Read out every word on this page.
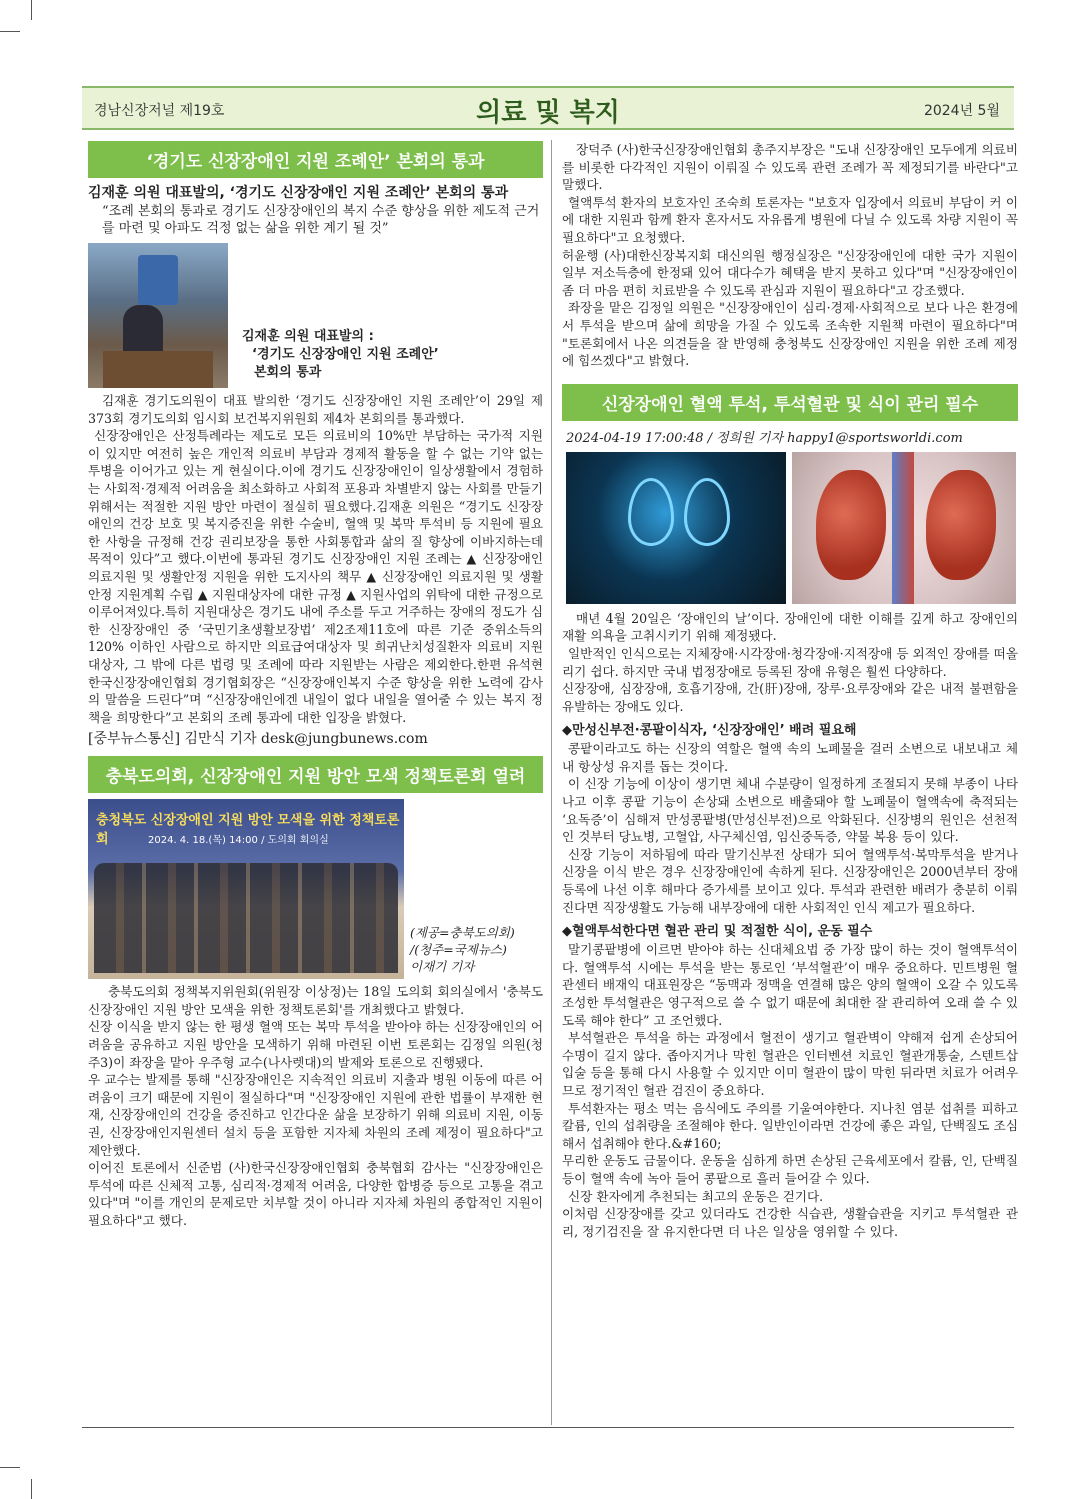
경남신장저널 제19호	의료 및 복지	2024년 5월
‘경기도 신장장애인 지원 조례안’ 본회의 통과
김재훈 의원 대표발의, ‘경기도 신장장애인 지원 조례안’ 본회의 통과
“조례 본회의 통과로 경기도 신장장애인의 복지 수준 향상을 위한 제도적 근거를 마련 및 아파도 걱정 없는 삶을 위한 계기 될 것”
김재훈 의원 대표발의 :
‘경기도 신장장애인 지원 조례안’
본회의 통과

김재훈 경기도의원이 대표 발의한 ‘경기도 신장장애인 지원 조례안’이 29일 제373회 경기도의회 임시회 보건복지위원회 제4차 본회의를 통과했다.

신장장애인은 산정특례라는 제도로 모든 의료비의 10%만 부담하는 국가적 지원이 있지만 여전히 높은 개인적 의료비 부담과 경제적 활동을 할 수 없는 기약 없는 투병을 이어가고 있는 게 현실이다.이에 경기도 신장장애인이 일상생활에서 경험하는 사회적·경제적 어려움을 최소화하고 사회적 포용과 차별받지 않는 사회를 만들기 위해서는 적절한 지원 방안 마련이 절실히 필요했다.김재훈 의원은 “경기도 신장장애인의 건강 보호 및 복지증진을 위한 수술비, 혈액 및 복막 투석비 등 지원에 필요한 사항을 규정해 건강 권리보장을 통한 사회통합과 삶의 질 향상에 이바지하는데 목적이 있다”고 했다.이번에 통과된 경기도 신장장애인 지원 조례는 ▲ 신장장애인 의료지원 및 생활안정 지원을 위한 도지사의 책무 ▲ 신장장애인 의료지원 및 생활안정 지원계획 수립 ▲ 지원대상자에 대한 규정 ▲ 지원사업의 위탁에 대한 규정으로 이루어져있다.특히 지원대상은 경기도 내에 주소를 두고 거주하는 장애의 정도가 심한 신장장애인 중 ‘국민기초생활보장법’ 제2조제11호에 따른 기준 중위소득의 120% 이하인 사람으로 하지만 의료급여대상자 및 희귀난치성질환자 의료비 지원대상자, 그 밖에 다른 법령 및 조례에 따라 지원받는 사람은 제외한다.한편 유석현 한국신장장애인협회 경기협회장은 “신장장애인복지 수준 향상을 위한 노력에 감사의 말씀을 드린다”며 “신장장애인에겐 내일이 없다 내일을 열어줄 수 있는 복지 정책을 희망한다”고 본회의 조례 통과에 대한 입장을 밝혔다.

[중부뉴스통신] 김만식 기자 desk@jungbunews.com
충북도의회, 신장장애인 지원 방안 모색 정책토론회 열려
충청북도 신장장애인 지원 방안 모색을 위한 정책토론회	2024. 4. 18.(목) 14:00 / 도의회 회의실
(제공=충북도의회)
/(청주=국제뉴스)
이재기 기자

충북도의회 정책복지위원회(위원장 이상정)는 18일 도의회 회의실에서 '충북도 신장장애인 지원 방안 모색을 위한 정책토론회'를 개최했다고 밝혔다.

신장 이식을 받지 않는 한 평생 혈액 또는 복막 투석을 받아야 하는 신장장애인의 어려움을 공유하고 지원 방안을 모색하기 위해 마련된 이번 토론회는 김정일 의원(청주3)이 좌장을 맡아 우주형 교수(나사렛대)의 발제와 토론으로 진행됐다.

우 교수는 발제를 통해 "신장장애인은 지속적인 의료비 지출과 병원 이동에 따른 어려움이 크기 때문에 지원이 절실하다"며 "신장장애인 지원에 관한 법률이 부재한 현재, 신장장애인의 건강을 증진하고 인간다운 삶을 보장하기 위해 의료비 지원, 이동권, 신장장애인지원센터 설치 등을 포함한 지자체 차원의 조례 제정이 필요하다"고 제안했다.

이어진 토론에서 신준범 (사)한국신장장애인협회 충북협회 감사는 "신장장애인은 투석에 따른 신체적 고통, 심리적·경제적 어려움, 다양한 합병증 등으로 고통을 겪고 있다"며 "이를 개인의 문제로만 치부할 것이 아니라 지자체 차원의 종합적인 지원이 필요하다"고 했다.

장덕주 (사)한국신장장애인협회 총주지부장은 "도내 신장장애인 모두에게 의료비를 비롯한 다각적인 지원이 이뤄질 수 있도록 관련 조례가 꼭 제정되기를 바란다"고 말했다.

혈액투석 환자의 보호자인 조숙희 토론자는 "보호자 입장에서 의료비 부담이 커 이에 대한 지원과 함께 환자 혼자서도 자유롭게 병원에 다닐 수 있도록 차량 지원이 꼭 필요하다"고 요청했다.

허윤행 (사)대한신장복지회 대신의원 행정실장은 "신장장애인에 대한 국가 지원이 일부 저소득층에 한정돼 있어 대다수가 혜택을 받지 못하고 있다"며 "신장장애인이 좀 더 마음 편히 치료받을 수 있도록 관심과 지원이 필요하다"고 강조했다.

좌장을 맡은 김정일 의원은 "신장장애인이 심리·경제·사회적으로 보다 나은 환경에서 투석을 받으며 삶에 희망을 가질 수 있도록 조속한 지원책 마련이 필요하다"며 "토론회에서 나온 의견들을 잘 반영해 충청북도 신장장애인 지원을 위한 조례 제정에 힘쓰겠다"고 밝혔다.

신장장애인 혈액 투석, 투석혈관 및 식이 관리 필수
2024-04-19 17:00:48 / 정희원 기자 happy1@sportsworldi.com

매년 4월 20일은 ‘장애인의 날’이다. 장애인에 대한 이해를 깊게 하고 장애인의 재활 의욕을 고취시키기 위해 제정됐다.

일반적인 인식으로는 지체장애·시각장애·청각장애·지적장애 등 외적인 장애를 떠올리기 쉽다. 하지만 국내 법정장애로 등록된 장애 유형은 훨씬 다양하다.

신장장애, 심장장애, 호흡기장애, 간(肝)장애, 장루·요루장애와 같은 내적 불편함을 유발하는 장애도 있다.

◆만성신부전·콩팥이식자, ‘신장장애인’ 배려 필요해

콩팥이라고도 하는 신장의 역할은 혈액 속의 노폐물을 걸러 소변으로 내보내고 체내 항상성 유지를 돕는 것이다.

이 신장 기능에 이상이 생기면 체내 수분량이 일정하게 조절되지 못해 부종이 나타나고 이후 콩팥 기능이 손상돼 소변으로 배출돼야 할 노폐물이 혈액속에 축적되는 ‘요독증’이 심해져 만성콩팥병(만성신부전)으로 악화된다. 신장병의 원인은 선천적인 것부터 당뇨병, 고혈압, 사구체신염, 임신중독증, 약물 복용 등이 있다.

신장 기능이 저하됨에 따라 말기신부전 상태가 되어 혈액투석·복막투석을 받거나 신장을 이식 받은 경우 신장장애인에 속하게 된다. 신장장애인은 2000년부터 장애등록에 나선 이후 해마다 증가세를 보이고 있다. 투석과 관련한 배려가 충분히 이뤄진다면 직장생활도 가능해 내부장애에 대한 사회적인 인식 제고가 필요하다.

◆혈액투석한다면 혈관 관리 및 적절한 식이, 운동 필수

말기콩팥병에 이르면 받아야 하는 신대체요법 중 가장 많이 하는 것이 혈액투석이다. 혈액투석 시에는 투석을 받는 통로인 ‘부석혈관’이 매우 중요하다. 민트병원 혈관센터 배재익 대표원장은 “동맥과 정맥을 연결해 많은 양의 혈액이 오갈 수 있도록 조성한 투석혈관은 영구적으로 쓸 수 없기 때문에 최대한 잘 관리하여 오래 쓸 수 있도록 해야 한다” 고 조언했다.

부석혈관은 투석을 하는 과정에서 혈전이 생기고 혈관벽이 약해져 쉽게 손상되어 수명이 길지 않다. 좁아지거나 막힌 혈관은 인터벤션 치료인 혈관개통술, 스텐트삽입술 등을 통해 다시 사용할 수 있지만 이미 혈관이 많이 막힌 뒤라면 치료가 어려우므로 정기적인 혈관 검진이 중요하다.

투석환자는 평소 먹는 음식에도 주의를 기울여야한다. 지나친 염분 섭취를 피하고 칼륨, 인의 섭취량을 조절해야 한다. 일반인이라면 건강에 좋은 과일, 단백질도 조심해서 섭취해야 한다.&#160;

무리한 운동도 금물이다. 운동을 심하게 하면 손상된 근육세포에서 칼륨, 인, 단백질 등이 혈액 속에 녹아 들어 콩팥으로 흘러 들어갈 수 있다.

신장 환자에게 추천되는 최고의 운동은 걷기다.

이처럼 신장장애를 갖고 있더라도 건강한 식습관, 생활습관을 지키고 투석혈관 관리, 정기검진을 잘 유지한다면 더 나은 일상을 영위할 수 있다.
